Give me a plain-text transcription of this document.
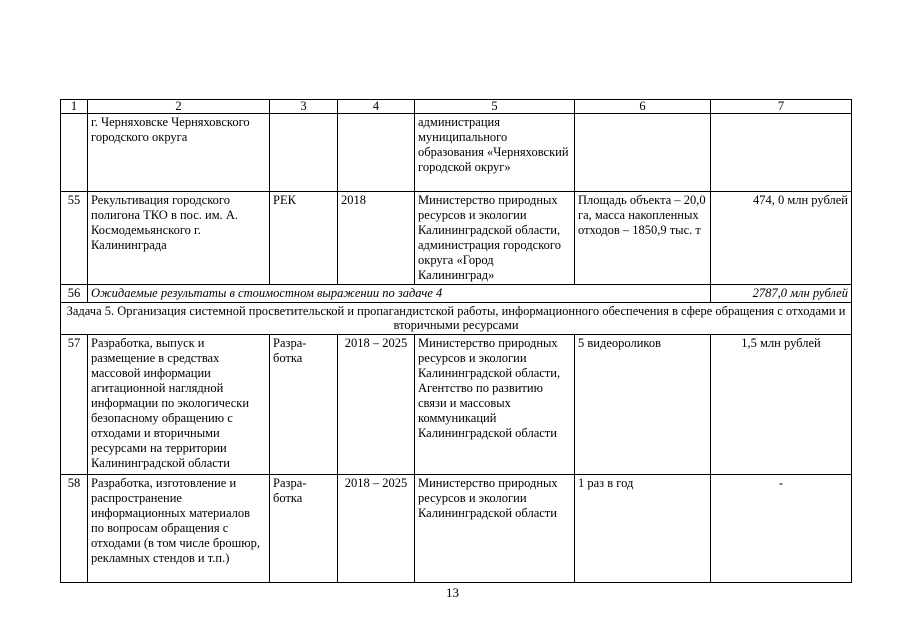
1	2	3	4	5	6	7
	г. Черняховске Черняховского городского округа			администрация муниципального образования «Черняховский городской округ»		
55	Рекультивация городского полигона ТКО в пос. им. А. Космодемьянского г. Калининграда	РЕК	2018	Министерство природных ресурсов и экологии Калининградской области, администрация городского округа «Город Калининград»	Площадь объекта – 20,0 га, масса накопленных отходов – 1850,9 тыс. т	474, 0 млн рублей
56	Ожидаемые результаты в стоимостном выражении по задаче 4					2787,0 млн рублей
Задача 5. Организация системной просветительской и пропагандистской работы, информационного обеспечения в сфере обращения с отходами и вторичными ресурсами						
57	Разработка, выпуск и размещение в средствах массовой информации агитационной наглядной информации по экологически безопасному обращению с отходами и вторичными ресурсами на территории Калининградской области	Разра-ботка	2018 – 2025	Министерство природных ресурсов и экологии Калининградской области, Агентство по развитию связи и массовых коммуникаций Калининградской области	5 видеороликов	1,5 млн рублей
58	Разработка, изготовление и распространение информационных материалов по вопросам обращения с отходами (в том числе брошюр, рекламных стендов и т.п.)	Разра-ботка	2018 – 2025	Министерство природных ресурсов и экологии Калининградской области	1 раз в год	-
13
